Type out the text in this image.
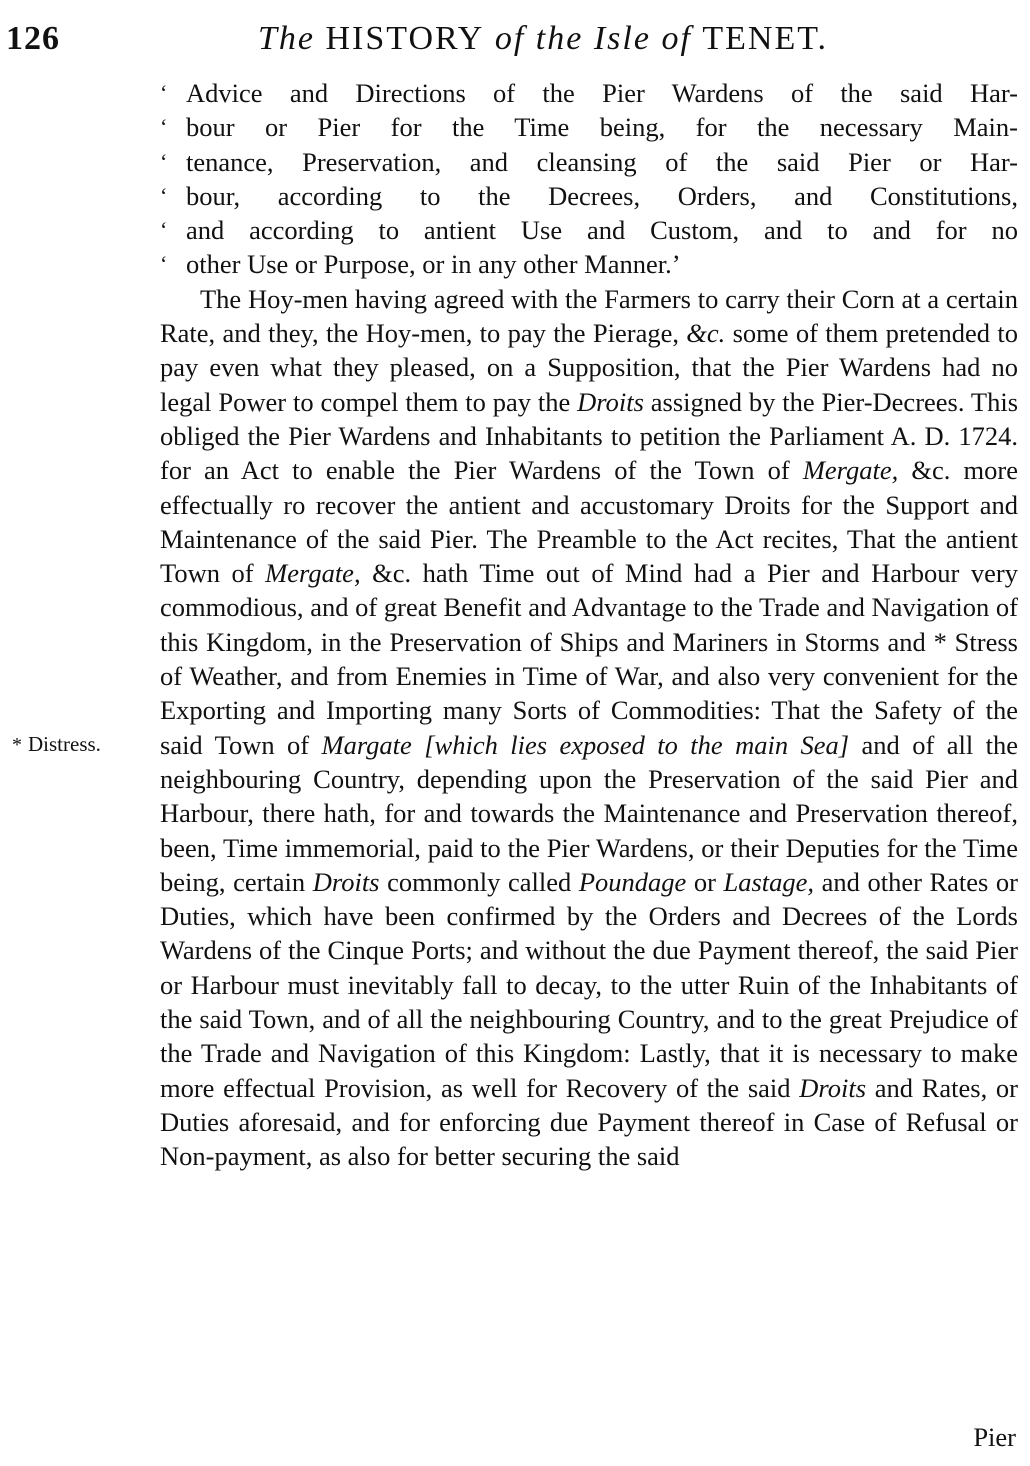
126	The HISTORY of the Isle of TENET.
* Distress.
‘ Advice and Directions of the Pier Wardens of the said Har-
‘ bour or Pier for the Time being, for the necessary Main-
‘ tenance, Preservation, and cleansing of the said Pier or Har-
‘ bour, according to the Decrees, Orders, and Constitutions,
‘ and according to antient Use and Custom, and to and for no
‘ other Use or Purpose, or in any other Manner.’

The Hoy-men having agreed with the Farmers to carry their Corn at a certain Rate, and they, the Hoy-men, to pay the Pierage, &c. some of them pretended to pay even what they pleased, on a Supposition, that the Pier Wardens had no legal Power to compel them to pay the Droits assigned by the Pier-Decrees. This obliged the Pier Wardens and Inhabitants to petition the Parliament A. D. 1724. for an Act to enable the Pier Wardens of the Town of Mergate, &c. more effectually ro recover the antient and accustomary Droits for the Support and Maintenance of the said Pier. The Preamble to the Act recites, That the antient Town of Mergate, &c. hath Time out of Mind had a Pier and Harbour very commodious, and of great Benefit and Advantage to the Trade and Navigation of this Kingdom, in the Preservation of Ships and Mariners in Storms and * Stress of Weather, and from Enemies in Time of War, and also very convenient for the Exporting and Importing many Sorts of Commodities: That the Safety of the said Town of Margate [which lies exposed to the main Sea] and of all the neighbouring Country, depending upon the Preservation of the said Pier and Harbour, there hath, for and towards the Maintenance and Preservation thereof, been, Time immemorial, paid to the Pier Wardens, or their Deputies for the Time being, certain Droits commonly called Poundage or Lastage, and other Rates or Duties, which have been confirmed by the Orders and Decrees of the Lords Wardens of the Cinque Ports; and without the due Payment thereof, the said Pier or Harbour must inevitably fall to decay, to the utter Ruin of the Inhabitants of the said Town, and of all the neighbouring Country, and to the great Prejudice of the Trade and Navigation of this Kingdom: Lastly, that it is necessary to make more effectual Provision, as well for Recovery of the said Droits and Rates, or Duties aforesaid, and for enforcing due Payment thereof in Case of Refusal or Non-payment, as also for better securing the said

Pier
